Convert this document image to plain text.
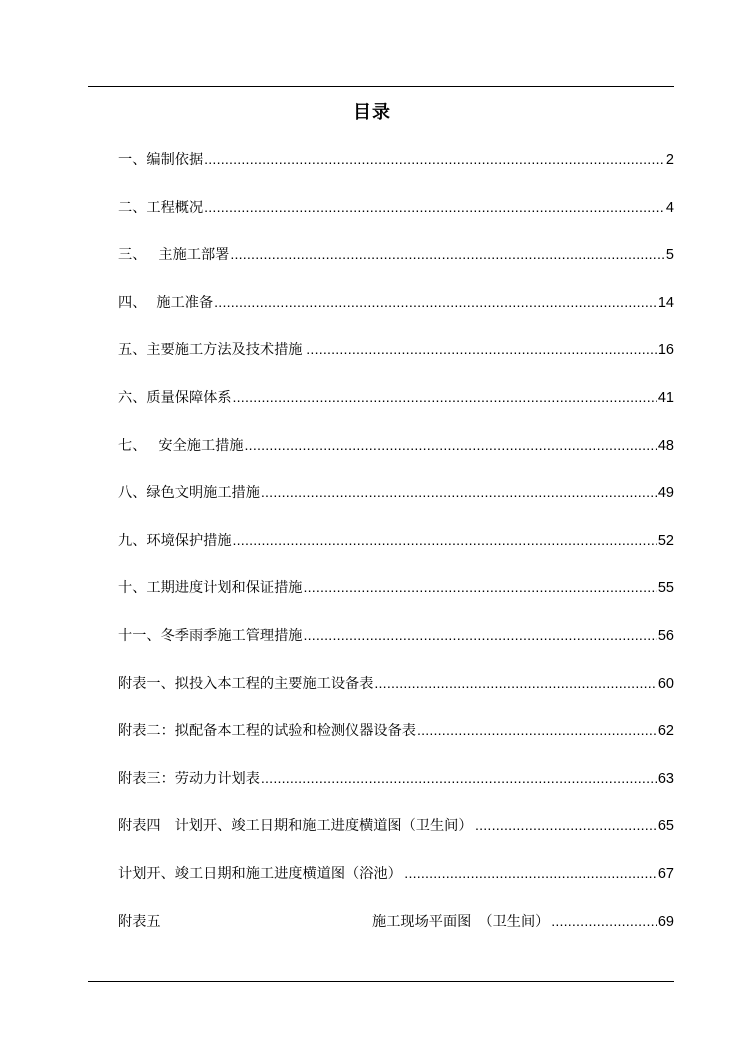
目录
一、编制依据 .....	2
二、工程概况 .....	4
三、 主施工部署 .....	5
四、 施工准备 .....	14
五、主要施工方法及技术措施 .....	16
六、质量保障体系 .....	41
七、 安全施工措施 .....	48
八、绿色文明施工措施 .....	49
九、环境保护措施 .....	52
十、工期进度计划和保证措施 .....	55
十一、冬季雨季施工管理措施 .....	56
附表一、拟投入本工程的主要施工设备表 .....	60
附表二：拟配备本工程的试验和检测仪器设备表 .....	62
附表三：劳动力计划表 .....	63
附表四 计划开、竣工日期和施工进度横道图（卫生间） .....	65
计划开、竣工日期和施工进度横道图（浴池） .....	67
附表五	施工现场平面图　（卫生间） .....	69
